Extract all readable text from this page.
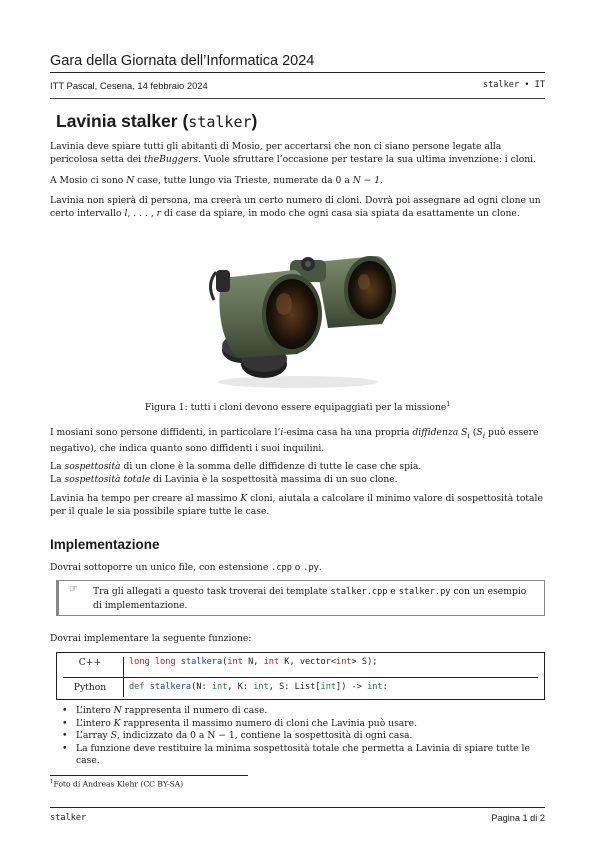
Gara della Giornata dell’Informatica 2024
ITT Pascal, Cesena, 14 febbraio 2024	stalker • IT
Lavinia stalker (stalker)

Lavinia deve spiare tutti gli abitanti di Mosio, per accertarsi che non ci siano persone legate alla pericolosa setta dei theBuggers. Vuole sfruttare l’occasione per testare la sua ultima invenzione: i cloni.

A Mosio ci sono N case, tutte lungo via Trieste, numerate da 0 a N − 1.

Lavinia non spierà di persona, ma creerà un certo numero di cloni. Dovrà poi assegnare ad ogni clone un certo intervallo l, . . . , r di case da spiare, in modo che ogni casa sia spiata da esattamente un clone.

Figura 1: tutti i cloni devono essere equipaggiati per la missione$^1$

I mosiani sono persone diffidenti, in particolare l’i-esima casa ha una propria diffidenza $S_i$ ($S_i$ può essere negativo), che indica quanto sono diffidenti i suoi inquilini.

La sospettosità di un clone è la somma delle diffidenze di tutte le case che spia.

La sospettosità totale di Lavinia è la sospettosità massima di un suo clone.

Lavinia ha tempo per creare al massimo K cloni, aiutala a calcolare il minimo valore di sospettosità totale per il quale le sia possibile spiare tutte le case.

Implementazione

Dovrai sottoporre un unico file, con estensione .cpp o .py.

☞ Tra gli allegati a questo task troverai dei template stalker.cpp e stalker.py con un esempio di implementazione.

Dovrai implementare la seguente funzione:

C++	long long stalkera(int N, int K, vector<int> S);
Python	def stalkera(N: int, K: int, S: List[int]) -> int:
• L’intero N rappresenta il numero di case.
• L’intero K rappresenta il massimo numero di cloni che Lavinia può usare.
• L’array S, indicizzato da 0 a N − 1, contiene la sospettosità di ogni casa.
• La funzione deve restituire la minima sospettosità totale che permetta a Lavinia di spiare tutte le case.
$^1$Foto di Andreas Klehr (CC BY-SA)
stalker	Pagina 1 di 2
